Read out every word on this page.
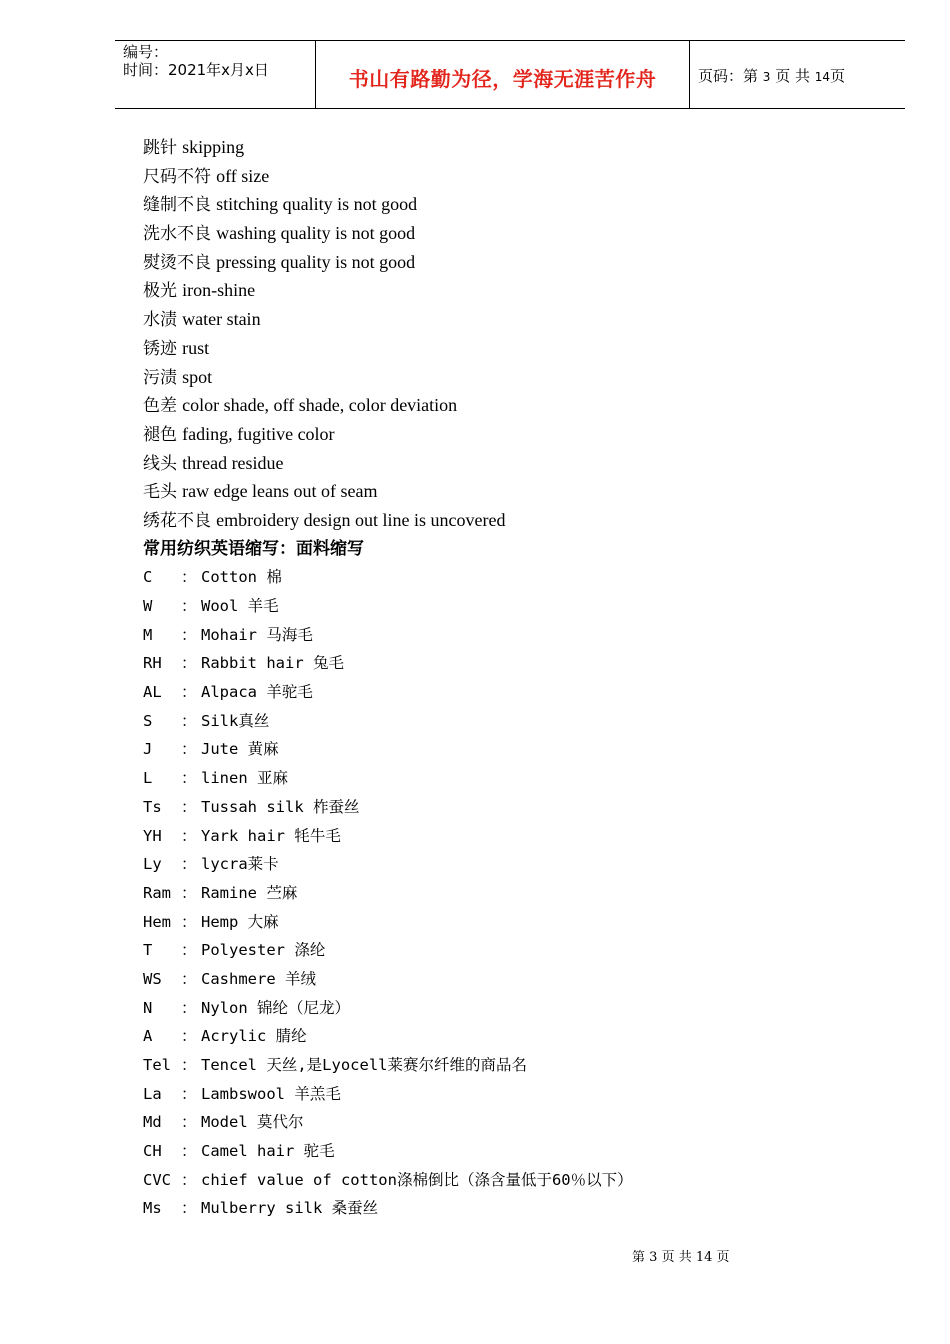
编号：
时间：2021年x月x日	书山有路勤为径，学海无涯苦作舟	页码：第 3 页 共 14页
跳针 skipping
尺码不符 off size
缝制不良 stitching quality is not good
洗水不良 washing quality is not good
熨烫不良 pressing quality is not good
极光 iron-shine
水渍 water stain
锈迹 rust
污渍 spot
色差 color shade, off shade, color deviation
褪色 fading, fugitive color
线头 thread residue
毛头 raw edge leans out of seam
绣花不良 embroidery design out line is uncovered
常用纺织英语缩写：面料缩写
C ： Cotton 棉
W ： Wool 羊毛
M ： Mohair 马海毛
RH ： Rabbit hair 兔毛
AL ： Alpaca 羊驼毛
S ： Silk真丝
J ： Jute 黄麻
L ： linen 亚麻
Ts ： Tussah silk 柞蚕丝
YH ： Yark hair 牦牛毛
Ly ： lycra莱卡
Ram ： Ramine 苎麻
Hem ： Hemp 大麻
T ： Polyester 涤纶
WS ： Cashmere 羊绒
N ： Nylon 锦纶（尼龙）
A ： Acrylic 腈纶
Tel ： Tencel 天丝,是Lyocell莱赛尔纤维的商品名
La ： Lambswool 羊羔毛
Md ： Model 莫代尔
CH ： Camel hair 驼毛
CVC ： chief value of cotton涤棉倒比（涤含量低于60％以下）
Ms ： Mulberry silk 桑蚕丝
第 3 页 共 14 页
